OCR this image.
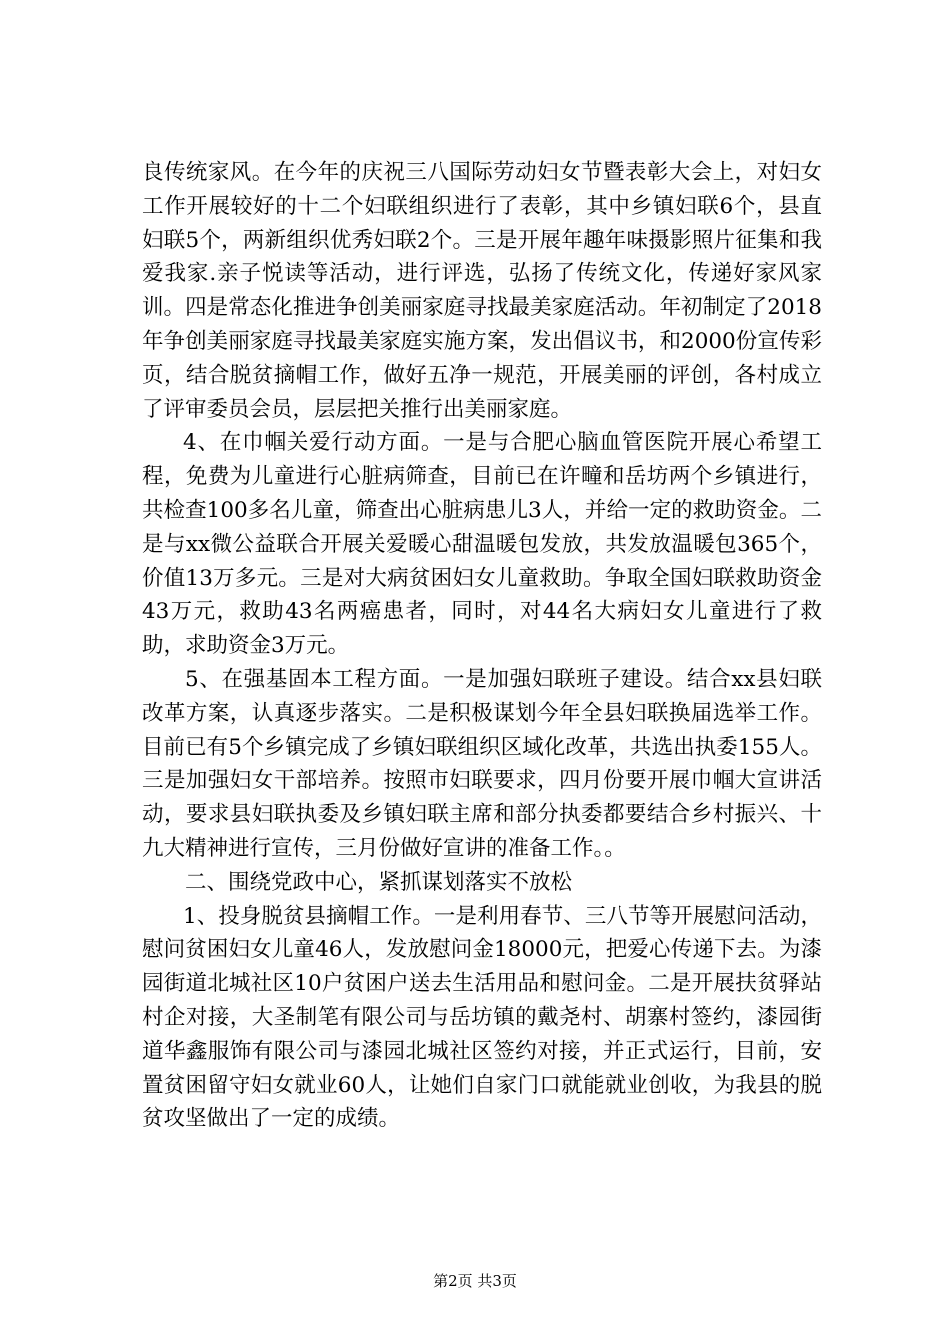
良传统家风。在今年的庆祝三八国际劳动妇女节暨表彰大会上，对妇女工作开展较好的十二个妇联组织进行了表彰，其中乡镇妇联6个，县直妇联5个，两新组织优秀妇联2个。三是开展年趣年味摄影照片征集和我爱我家.亲子悦读等活动，进行评选，弘扬了传统文化，传递好家风家训。四是常态化推进争创美丽家庭寻找最美家庭活动。年初制定了2018年争创美丽家庭寻找最美家庭实施方案，发出倡议书，和2000份宣传彩页，结合脱贫摘帽工作，做好五净一规范，开展美丽的评创，各村成立了评审委员会员，层层把关推行出美丽家庭。

4、在巾帼关爱行动方面。一是与合肥心脑血管医院开展心希望工程，免费为儿童进行心脏病筛查，目前已在许疃和岳坊两个乡镇进行，共检查100多名儿童，筛查出心脏病患儿3人，并给一定的救助资金。二是与xx微公益联合开展关爱暖心甜温暖包发放，共发放温暖包365个，价值13万多元。三是对大病贫困妇女儿童救助。争取全国妇联救助资金43万元，救助43名两癌患者，同时，对44名大病妇女儿童进行了救助，求助资金3万元。

5、在强基固本工程方面。一是加强妇联班子建设。结合xx县妇联改革方案，认真逐步落实。二是积极谋划今年全县妇联换届选举工作。目前已有5个乡镇完成了乡镇妇联组织区域化改革，共选出执委155人。三是加强妇女干部培养。按照市妇联要求，四月份要开展巾帼大宣讲活动，要求县妇联执委及乡镇妇联主席和部分执委都要结合乡村振兴、十九大精神进行宣传，三月份做好宣讲的准备工作。。

二、围绕党政中心，紧抓谋划落实不放松

1、投身脱贫县摘帽工作。一是利用春节、三八节等开展慰问活动，慰问贫困妇女儿童46人，发放慰问金18000元，把爱心传递下去。为漆园街道北城社区10户贫困户送去生活用品和慰问金。二是开展扶贫驿站村企对接，大圣制笔有限公司与岳坊镇的戴尧村、胡寨村签约，漆园街道华鑫服饰有限公司与漆园北城社区签约对接，并正式运行，目前，安置贫困留守妇女就业60人，让她们自家门口就能就业创收，为我县的脱贫攻坚做出了一定的成绩。

第2页 共3页
